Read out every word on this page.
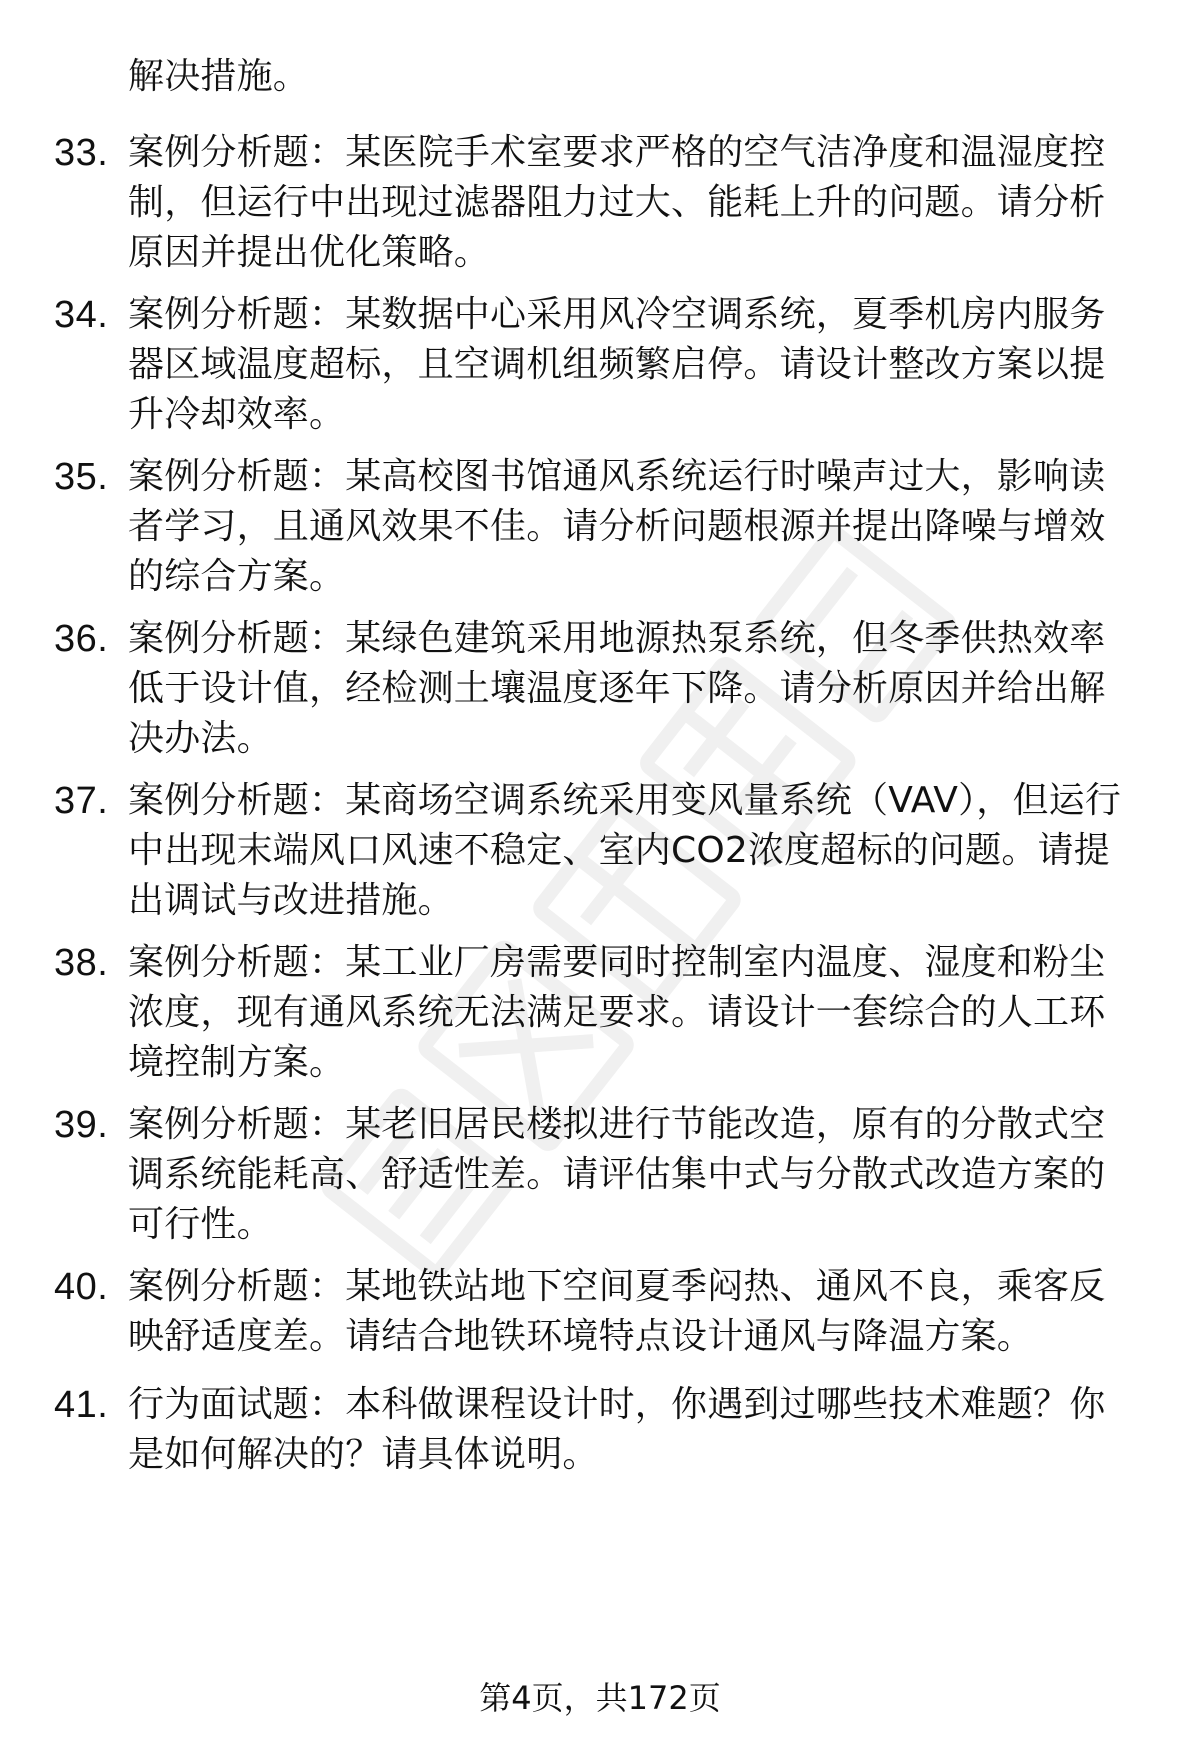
解决措施。
33. 案例分析题：某医院手术室要求严格的空气洁净度和温湿度控制，但运行中出现过滤器阻力过大、能耗上升的问题。请分析原因并提出优化策略。
34. 案例分析题：某数据中心采用风冷空调系统，夏季机房内服务器区域温度超标，且空调机组频繁启停。请设计整改方案以提升冷却效率。
35. 案例分析题：某高校图书馆通风系统运行时噪声过大，影响读者学习，且通风效果不佳。请分析问题根源并提出降噪与增效的综合方案。
36. 案例分析题：某绿色建筑采用地源热泵系统，但冬季供热效率低于设计值，经检测土壤温度逐年下降。请分析原因并给出解决办法。
37. 案例分析题：某商场空调系统采用变风量系统（VAV），但运行中出现末端风口风速不稳定、室内CO2浓度超标的问题。请提出调试与改进措施。
38. 案例分析题：某工业厂房需要同时控制室内温度、湿度和粉尘浓度，现有通风系统无法满足要求。请设计一套综合的人工环境控制方案。
39. 案例分析题：某老旧居民楼拟进行节能改造，原有的分散式空调系统能耗高、舒适性差。请评估集中式与分散式改造方案的可行性。
40. 案例分析题：某地铁站地下空间夏季闷热、通风不良，乘客反映舒适度差。请结合地铁环境特点设计通风与降温方案。
41. 行为面试题：本科做课程设计时，你遇到过哪些技术难题？你是如何解决的？请具体说明。
第4页，共172页
